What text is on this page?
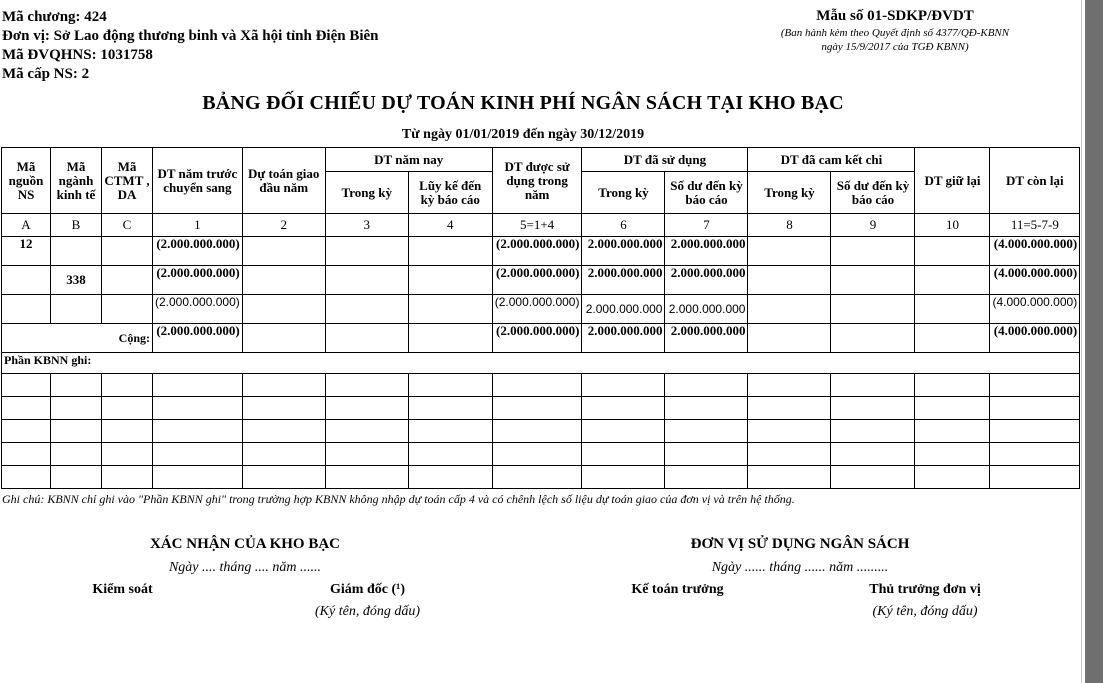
Mã chương: 424
Đơn vị: Sở Lao động thương binh và Xã hội tỉnh Điện Biên
Mã ĐVQHNS: 1031758
Mã cấp NS: 2
Mẫu số 01-SDKP/ĐVDT
(Ban hành kèm theo Quyết định số 4377/QĐ-KBNN
ngày 15/9/2017 của TGĐ KBNN)
BẢNG ĐỐI CHIẾU DỰ TOÁN KINH PHÍ NGÂN SÁCH TẠI KHO BẠC
Từ ngày 01/01/2019 đến ngày 30/12/2019
Mã nguồn NS	Mã ngành kinh tế	Mã CTMT , DA	DT năm trước chuyển sang	Dự toán giao đầu năm	DT năm nay		DT được sử dụng trong năm	DT đã sử dụng		DT đã cam kết chi		DT giữ lại	DT còn lại
					Trong kỳ	Lũy kế đến kỳ báo cáo		Trong kỳ	Số dư đến kỳ báo cáo	Trong kỳ	Số dư đến kỳ báo cáo		
A	B	C	1	2	3	4	5=1+4	6	7	8	9	10	11=5-7-9
12			(2.000.000.000)				(2.000.000.000)	2.000.000.000	2.000.000.000				(4.000.000.000)
	338		(2.000.000.000)				(2.000.000.000)	2.000.000.000	2.000.000.000				(4.000.000.000)
			(2.000.000.000)				(2.000.000.000)	2.000.000.000	2.000.000.000				(4.000.000.000)
Cộng:			(2.000.000.000)				(2.000.000.000)	2.000.000.000	2.000.000.000				(4.000.000.000)
Phần KBNN ghi:													

Ghi chú: KBNN chỉ ghi vào "Phần KBNN ghi" trong trường hợp KBNN không nhập dự toán cấp 4 và có chênh lệch số liệu dự toán giao của đơn vị và trên hệ thống.
XÁC NHẬN CỦA KHO BẠC
Ngày .... tháng .... năm ......
Kiểm soát	Giám đốc (¹)
(Ký tên, đóng dấu)
ĐƠN VỊ SỬ DỤNG NGÂN SÁCH
Ngày ...... tháng ...... năm .........
Kế toán trưởng	Thủ trưởng đơn vị
(Ký tên, đóng dấu)
